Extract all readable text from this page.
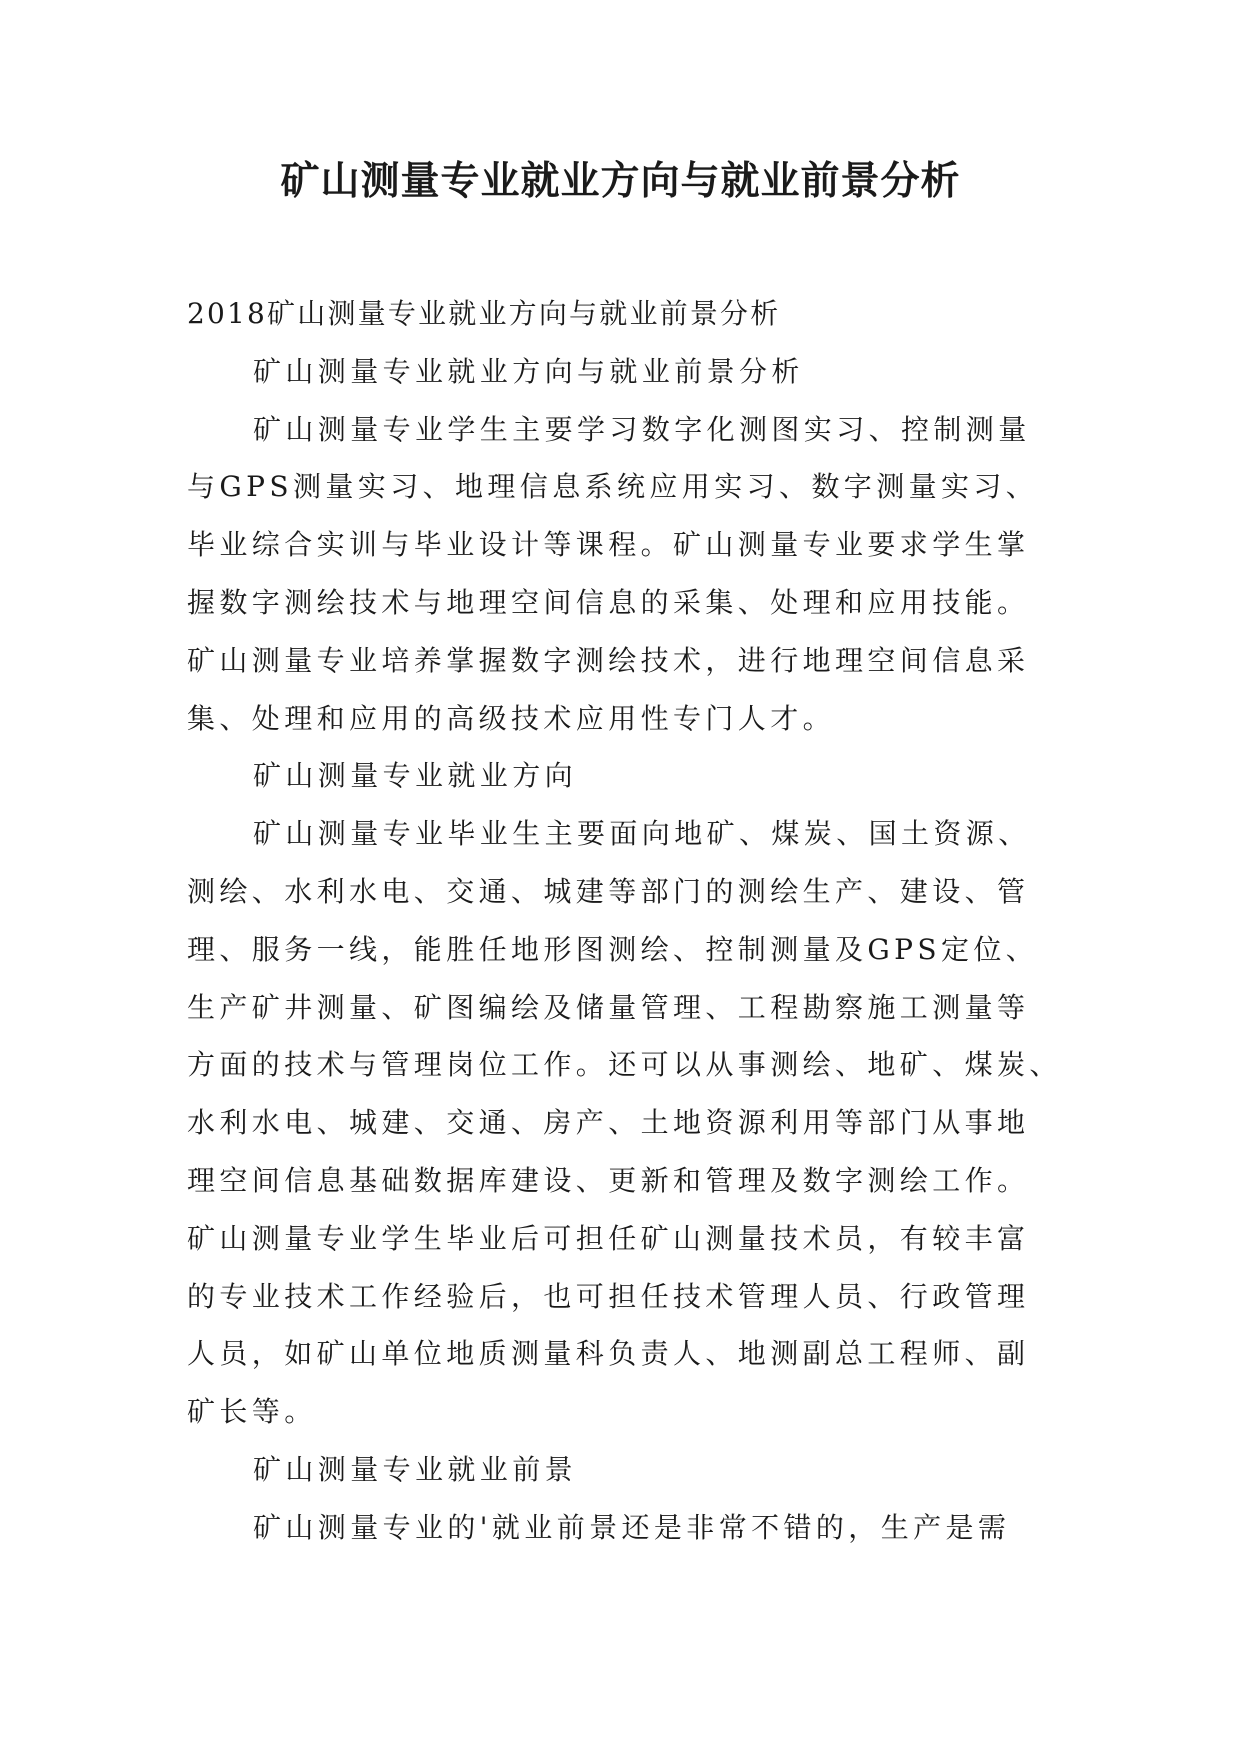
矿山测量专业就业方向与就业前景分析
2018矿山测量专业就业方向与就业前景分析
矿山测量专业就业方向与就业前景分析
矿山测量专业学生主要学习数字化测图实习、控制测量
与GPS测量实习、地理信息系统应用实习、数字测量实习、
毕业综合实训与毕业设计等课程。矿山测量专业要求学生掌
握数字测绘技术与地理空间信息的采集、处理和应用技能。
矿山测量专业培养掌握数字测绘技术，进行地理空间信息采
集、处理和应用的高级技术应用性专门人才。
矿山测量专业就业方向
矿山测量专业毕业生主要面向地矿、煤炭、国土资源、
测绘、水利水电、交通、城建等部门的测绘生产、建设、管
理、服务一线，能胜任地形图测绘、控制测量及GPS定位、
生产矿井测量、矿图编绘及储量管理、工程勘察施工测量等
方面的技术与管理岗位工作。还可以从事测绘、地矿、煤炭、
水利水电、城建、交通、房产、土地资源利用等部门从事地
理空间信息基础数据库建设、更新和管理及数字测绘工作。
矿山测量专业学生毕业后可担任矿山测量技术员，有较丰富
的专业技术工作经验后，也可担任技术管理人员、行政管理
人员，如矿山单位地质测量科负责人、地测副总工程师、副
矿长等。
矿山测量专业就业前景
矿山测量专业的'就业前景还是非常不错的，生产是需
